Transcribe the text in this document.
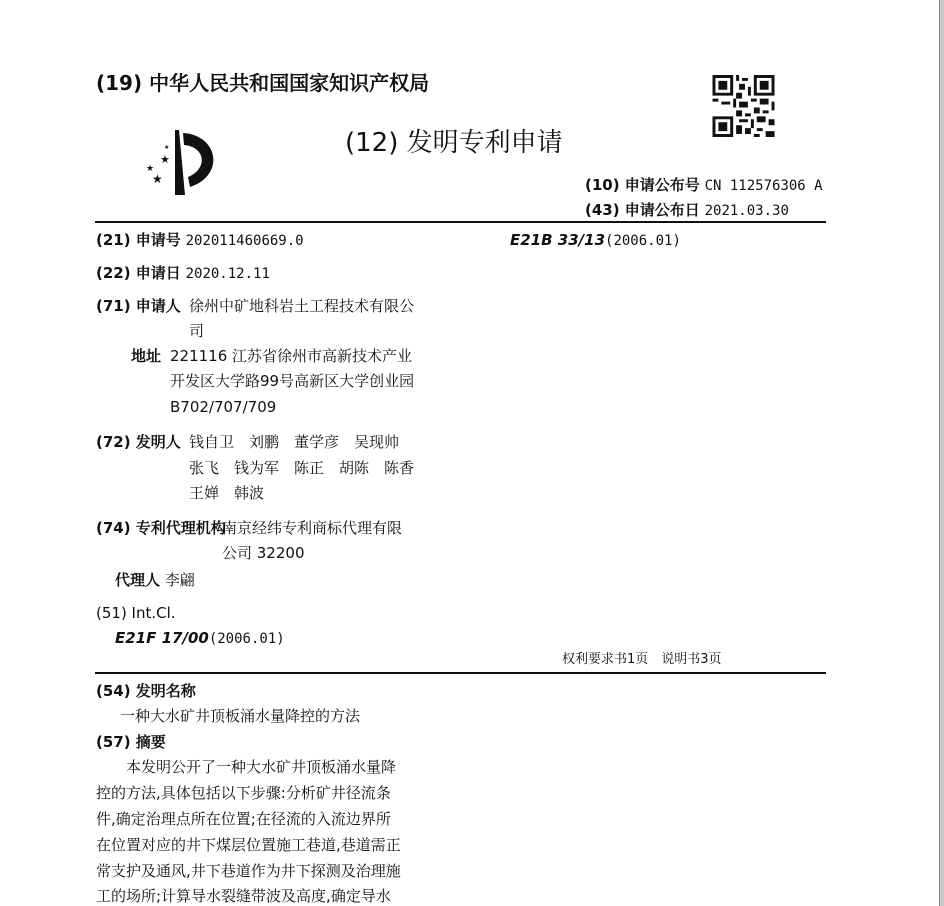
(19) 中华人民共和国国家知识产权局
★
★
★
★	(12) 发明专利申请
(10) 申请公布号 CN 112576306 A
(43) 申请公布日 2021.03.30
(21) 申请号 202011460669.0	E21B 33/13(2006.01)
(22) 申请日 2020.12.11
(71) 申请人 徐州中矿地科岩土工程技术有限公
司
地址 221116 江苏省徐州市高新技术产业
开发区大学路99号高新区大学创业园
B702/707/709
(72) 发明人 钱自卫　刘鹏　董学彦　吴现帅
张飞　钱为军　陈正　胡陈　陈香
王婵　韩波
(74) 专利代理机构
南京经纬专利商标代理有限
公司 32200
代理人 李翩
(51) Int.Cl.
E21F 17/00(2006.01)
权利要求书1页　说明书3页
(54) 发明名称
一种大水矿井顶板涌水量降控的方法
(57) 摘要
　　本发明公开了一种大水矿井顶板涌水量降
控的方法,具体包括以下步骤:分析矿井径流条
件,确定治理点所在位置;在径流的入流边界所
在位置对应的井下煤层位置施工巷道,巷道需正
常支护及通风,井下巷道作为井下探测及治理施
工的场所;计算导水裂缝带波及高度,确定导水
